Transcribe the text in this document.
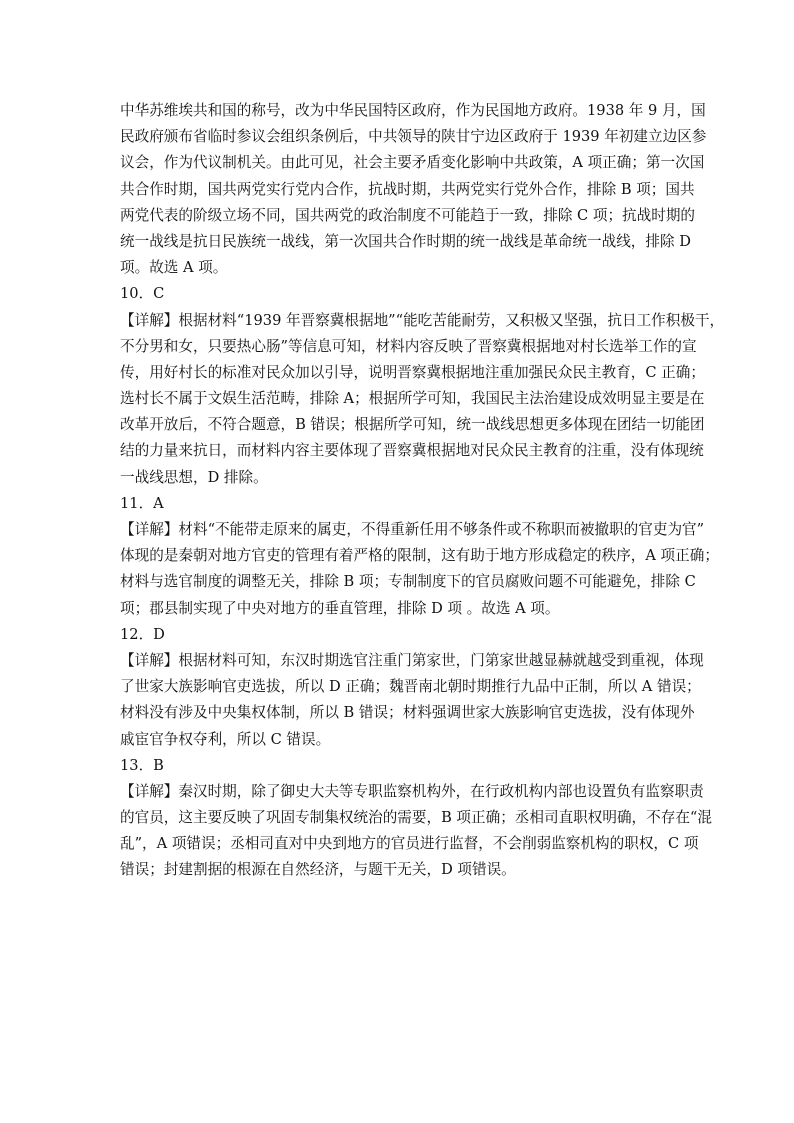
中华苏维埃共和国的称号，改为中华民国特区政府，作为民国地方政府。1938 年 9 月，国
民政府颁布省临时参议会组织条例后，中共领导的陕甘宁边区政府于 1939 年初建立边区参
议会，作为代议制机关。由此可见，社会主要矛盾变化影响中共政策，A 项正确；第一次国
共合作时期，国共两党实行党内合作，抗战时期，共两党实行党外合作，排除 B 项；国共
两党代表的阶级立场不同，国共两党的政治制度不可能趋于一致，排除 C 项；抗战时期的
统一战线是抗日民族统一战线，第一次国共合作时期的统一战线是革命统一战线，排除 D
项。故选 A 项。
10．C
【详解】根据材料“1939 年晋察冀根据地”“能吃苦能耐劳，又积极又坚强，抗日工作积极干，
不分男和女，只要热心肠”等信息可知，材料内容反映了晋察冀根据地对村长选举工作的宣
传，用好村长的标准对民众加以引导，说明晋察冀根据地注重加强民众民主教育，C 正确；
选村长不属于文娱生活范畴，排除 A；根据所学可知，我国民主法治建设成效明显主要是在
改革开放后，不符合题意，B 错误；根据所学可知，统一战线思想更多体现在团结一切能团
结的力量来抗日，而材料内容主要体现了晋察冀根据地对民众民主教育的注重，没有体现统
一战线思想，D 排除。
11．A
【详解】材料“不能带走原来的属吏，不得重新任用不够条件或不称职而被撤职的官吏为官”
体现的是秦朝对地方官吏的管理有着严格的限制，这有助于地方形成稳定的秩序，A 项正确；
材料与选官制度的调整无关，排除 B 项；专制制度下的官员腐败问题不可能避免，排除 C
项；郡县制实现了中央对地方的垂直管理，排除 D 项 。故选 A 项。
12．D
【详解】根据材料可知，东汉时期选官注重门第家世，门第家世越显赫就越受到重视，体现
了世家大族影响官吏选拔，所以 D 正确；魏晋南北朝时期推行九品中正制，所以 A 错误；
材料没有涉及中央集权体制，所以 B 错误；材料强调世家大族影响官吏选拔，没有体现外
戚宦官争权夺利，所以 C 错误。
13．B
【详解】秦汉时期，除了御史大夫等专职监察机构外，在行政机构内部也设置负有监察职责
的官员，这主要反映了巩固专制集权统治的需要，B 项正确；丞相司直职权明确，不存在“混
乱”，A 项错误；丞相司直对中央到地方的官员进行监督，不会削弱监察机构的职权，C 项
错误；封建割据的根源在自然经济，与题干无关，D 项错误。
